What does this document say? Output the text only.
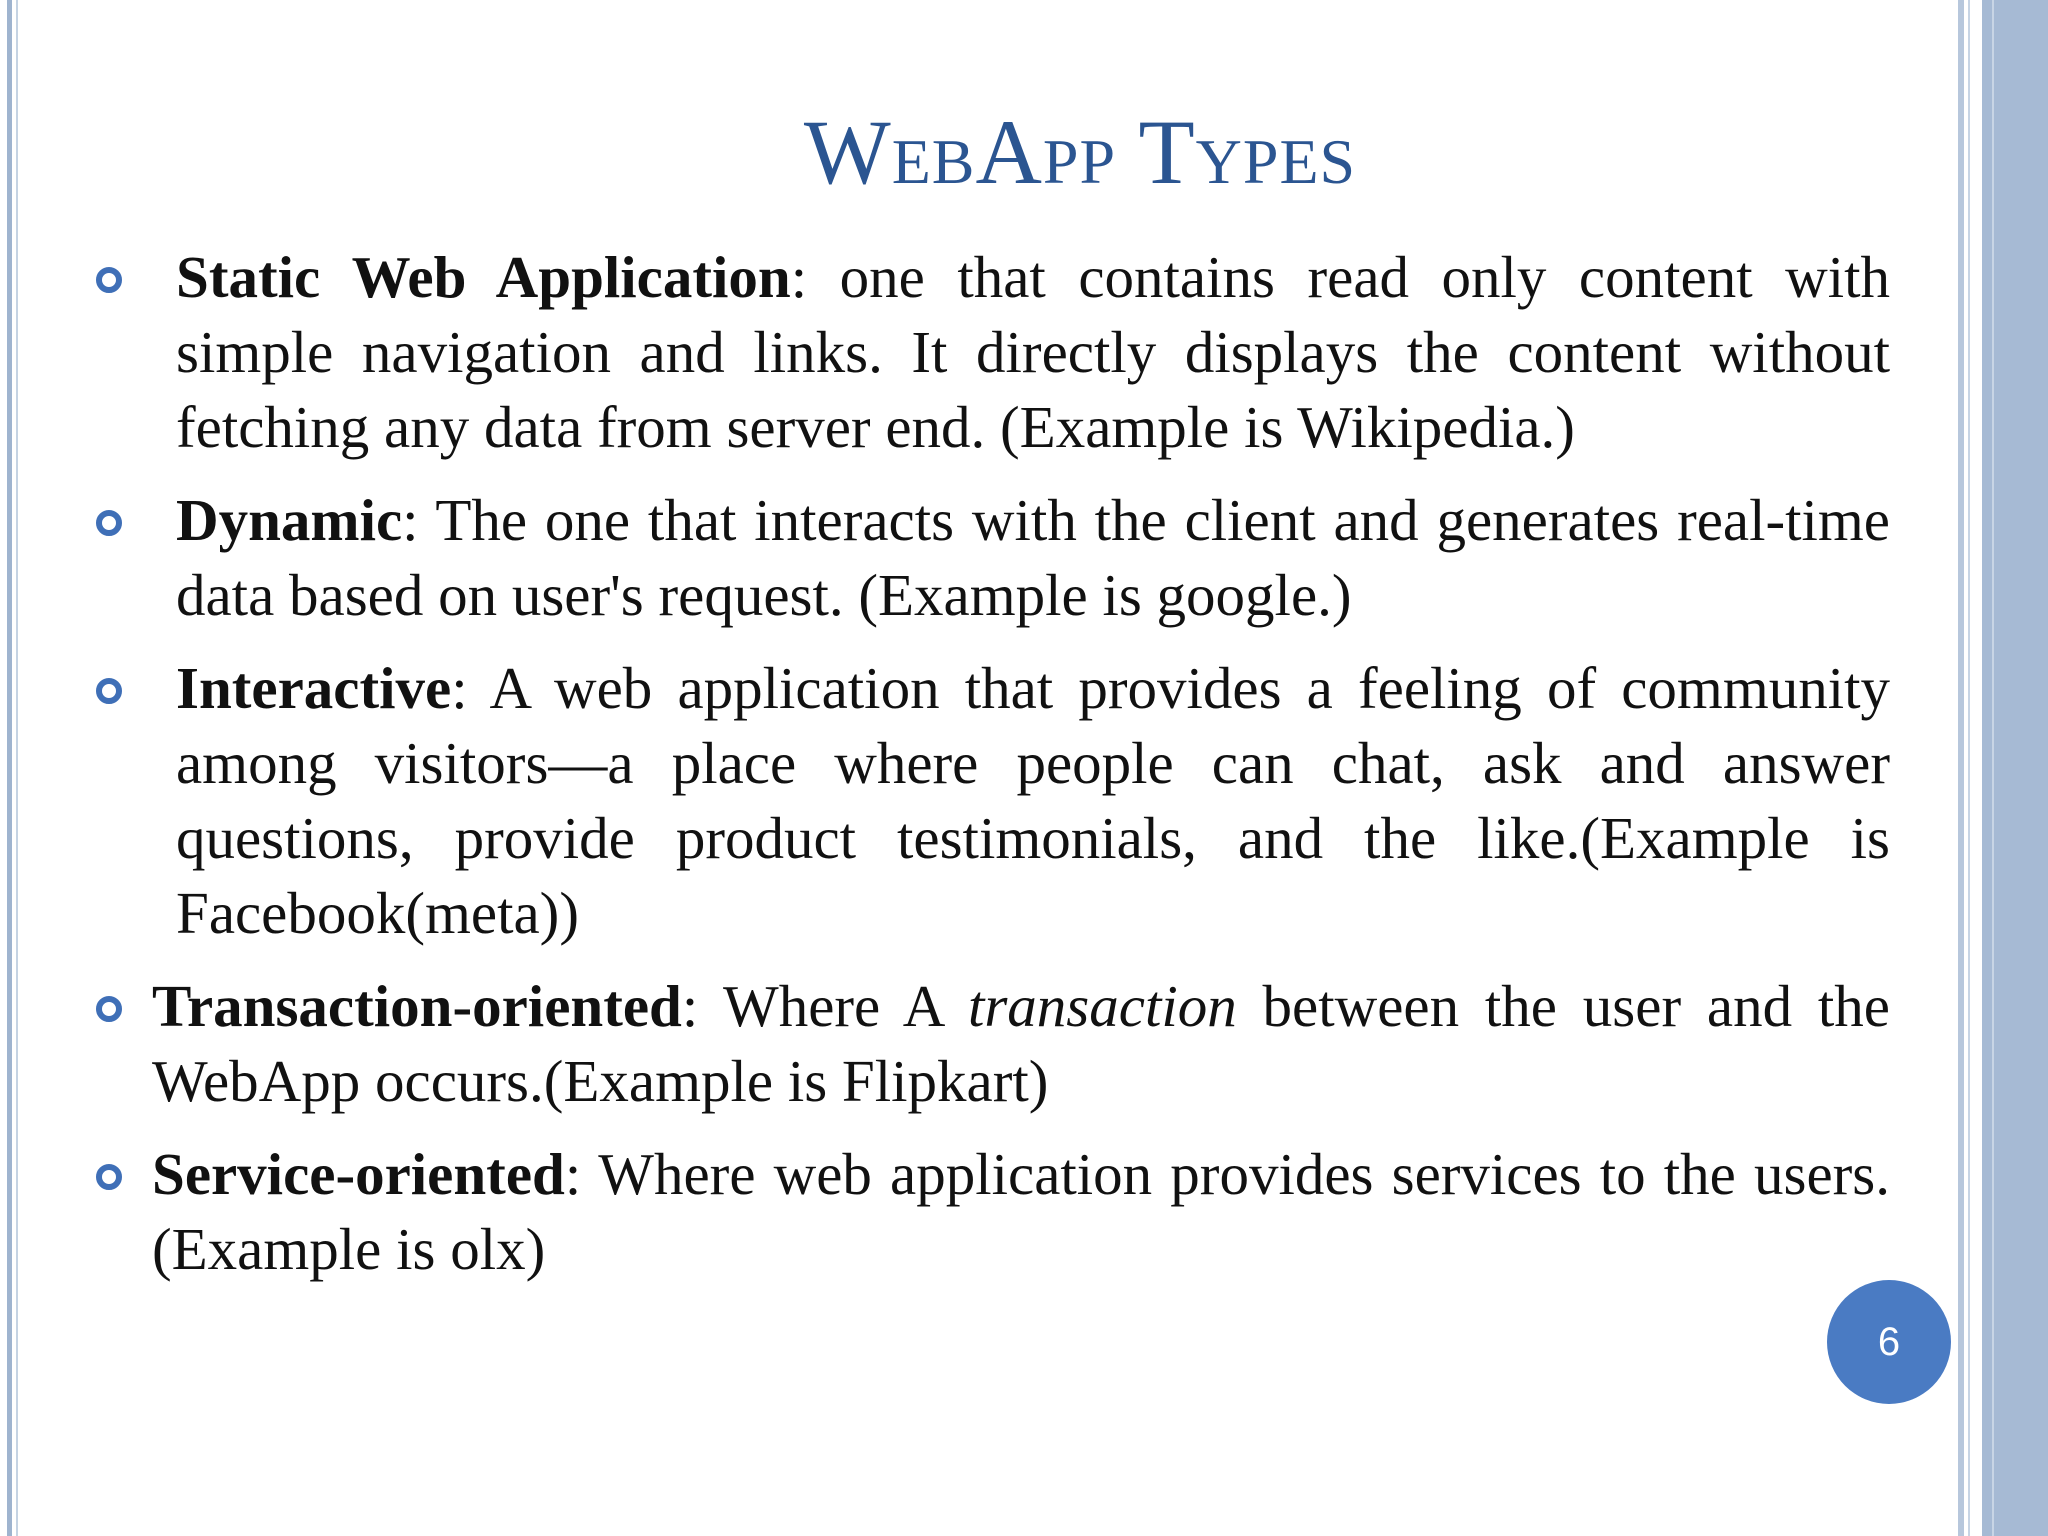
WebApp Types
Static Web Application: one that contains read only content with simple navigation and links. It directly displays the content without fetching any data from server end. (Example is Wikipedia.)
Dynamic: The one that interacts with the client and generates real-time data based on user's request. (Example is google.)
Interactive: A web application that provides a feeling of community among visitors—a place where people can chat, ask and answer questions, provide product testimonials, and the like.(Example is Facebook(meta))
Transaction-oriented: Where A transaction between the user and the WebApp occurs.(Example is Flipkart)
Service-oriented: Where web application provides services to the users.(Example is olx)
6
